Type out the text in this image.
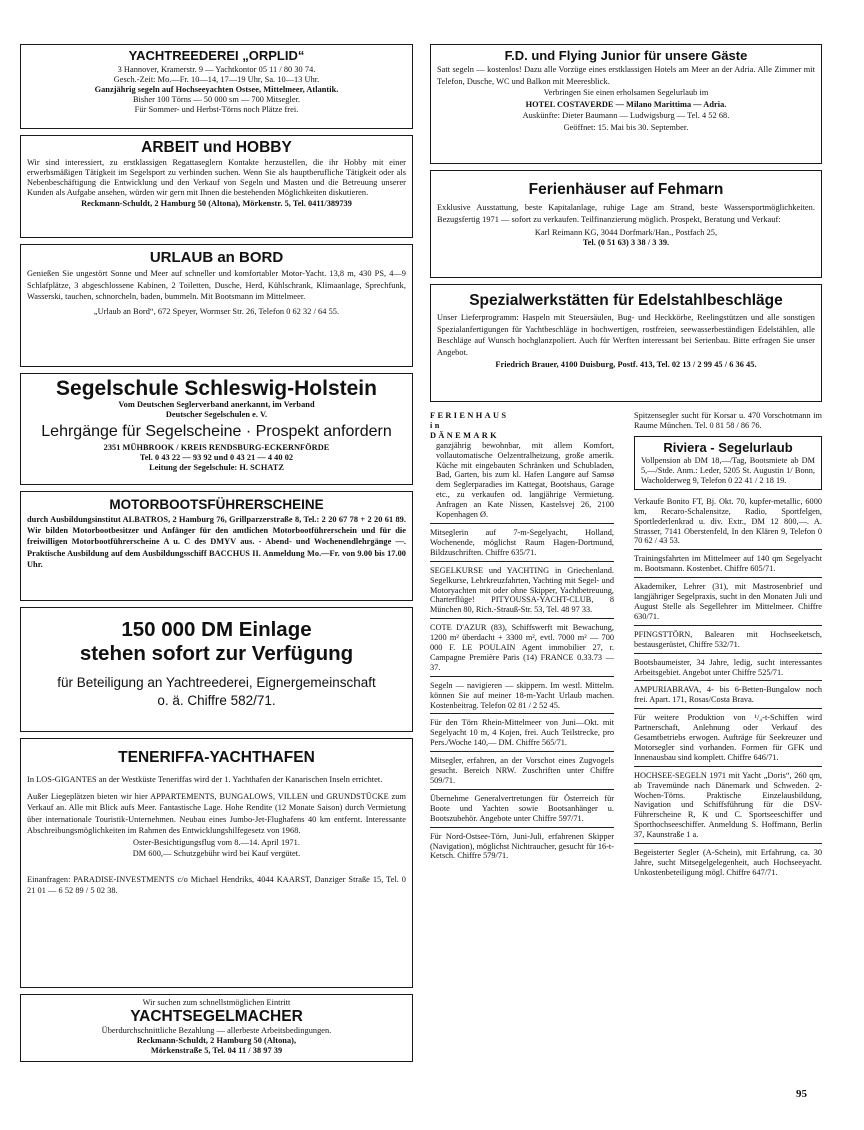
YACHTREEDEREI „ORPLID“

3 Hannover, Kramerstr. 9 — Yachtkontor 05 11 / 80 30 74.

Gesch.-Zeit: Mo.—Fr. 10—14, 17—19 Uhr, Sa. 10—13 Uhr.

Ganzjährig segeln auf Hochseeyachten Ostsee, Mittelmeer, Atlantik.

Bisher 100 Törns — 50 000 sm — 700 Mitsegler.

Für Sommer- und Herbst-Törns noch Plätze frei.

ARBEIT und HOBBY

Wir sind interessiert, zu erstklassigen Regattaseglern Kontakte herzustellen, die ihr Hobby mit einer erwerbsmäßigen Tätigkeit im Segelsport zu verbinden suchen. Wenn Sie als hauptberufliche Tätigkeit oder als Nebenbeschäftigung die Entwicklung und den Verkauf von Segeln und Masten und die Betreuung unserer Kunden als Aufgabe ansehen, würden wir gern mit Ihnen die bestehenden Möglichkeiten diskutieren.

Reckmann-Schuldt, 2 Hamburg 50 (Altona), Mörkenstr. 5, Tel. 0411/389739

URLAUB an BORD

Genießen Sie ungestört Sonne und Meer auf schneller und komfortabler Motor-Yacht. 13,8 m, 430 PS, 4—9 Schlafplätze, 3 abgeschlossene Kabinen, 2 Toiletten, Dusche, Herd, Kühlschrank, Klimaanlage, Sprechfunk, Wasserski, tauchen, schnorcheln, baden, bummeln. Mit Bootsmann im Mittelmeer.

„Urlaub an Bord“, 672 Speyer, Wormser Str. 26, Telefon 0 62 32 / 64 55.

Segelschule Schleswig-Holstein

Vom Deutschen Seglerverband anerkannt, im Verband

Deutscher Segelschulen e. V.

Lehrgänge für Segelscheine · Prospekt anfordern

2351 MÜHBROOK / KREIS RENDSBURG-ECKERNFÖRDE

Tel. 0 43 22 — 93 92 und 0 43 21 — 4 40 02

Leitung der Segelschule: H. SCHATZ

MOTORBOOTSFÜHRERSCHEINE

durch Ausbildungsinstitut ALBATROS, 2 Hamburg 76, Grillparzerstraße 8, Tel.: 2 20 67 78 + 2 20 61 89. Wir bilden Motorbootbesitzer und Anfänger für den amtlichen Motorbootführerschein und für die freiwilligen Motorbootführerscheine A u. C des DMYV aus. - Abend- und Wochenendlehrgänge —. Praktische Ausbildung auf dem Ausbildungsschiff BACCHUS II. Anmeldung Mo.—Fr. von 9.00 bis 17.00 Uhr.

150 000 DM Einlage
stehen sofort zur Verfügung
für Beteiligung an Yachtreederei, Eignergemeinschaft
o. ä. Chiffre 582/71.
TENERIFFA-YACHTHAFEN

In LOS-GIGANTES an der Westküste Teneriffas wird der 1. Yachthafen der Kanarischen Inseln errichtet.

Außer Liegeplätzen bieten wir hier APPARTEMENTS, BUNGALOWS, VILLEN und GRUNDSTÜCKE zum Verkauf an. Alle mit Blick aufs Meer. Fantastische Lage. Hohe Rendite (12 Monate Saison) durch Vermietung über internationale Touristik-Unternehmen. Neubau eines Jumbo-Jet-Flughafens 40 km entfernt. Interessante Abschreibungsmöglichkeiten im Rahmen des Entwicklungshilfegesetz von 1968.

Oster-Besichtigungsflug vom 8.—14. April 1971.

DM 600,— Schutzgebühr wird bei Kauf vergütet.

Einanfragen: PARADISE-INVESTMENTS c/o Michael Hendriks, 4044 KAARST, Danziger Straße 15, Tel. 0 21 01 — 6 52 89 / 5 02 38.

Wir suchen zum schnellstmöglichen Eintritt

YACHTSEGELMACHER

Überdurchschnittliche Bezahlung — allerbeste Arbeitsbedingungen.

Reckmann-Schuldt, 2 Hamburg 50 (Altona),

Mörkenstraße 5, Tel. 04 11 / 38 97 39

F.D. und Flying Junior für unsere Gäste

Satt segeln — kostenlos! Dazu alle Vorzüge eines erstklassigen Hotels am Meer an der Adria. Alle Zimmer mit Telefon, Dusche, WC und Balkon mit Meeresblick.

Verbringen Sie einen erholsamen Segelurlaub im

HOTEL COSTAVERDE — Milano Marittima — Adria.

Auskünfte: Dieter Baumann — Ludwigsburg — Tel. 4 52 68.

Geöffnet: 15. Mai bis 30. September.

Ferienhäuser auf Fehmarn

Exklusive Ausstattung, beste Kapitalanlage, ruhige Lage am Strand, beste Wassersportmöglichkeiten. Bezugsfertig 1971 — sofort zu verkaufen. Teilfinanzierung möglich. Prospekt, Beratung und Verkauf:

Karl Reimann KG, 3044 Dorfmark/Han., Postfach 25,

Tel. (0 51 63) 3 38 / 3 39.

Spezialwerkstätten für Edelstahlbeschläge

Unser Lieferprogramm: Haspeln mit Steuersäulen, Bug- und Heckkörbe, Reelingstützen und alle sonstigen Spezialanfertigungen für Yachtbeschläge in hochwertigen, rostfreien, seewasserbeständigen Edelstählen, alle Beschläge auf Wunsch hochglanzpoliert. Auch für Werften interessant bei Serienbau. Bitte erfragen Sie unser Angebot.

Friedrich Brauer, 4100 Duisburg, Postf. 413, Tel. 02 13 / 2 99 45 / 6 36 45.

FERIENHAUS

in

DÄNEMARK

ganzjährig bewohnbar, mit allem Komfort, vollautomatische Oelzentralheizung, große amerik. Küche mit eingebauten Schränken und Schubladen, Bad, Garten, bis zum kl. Hafen Langøre auf Samsø dem Seglerparadies im Kattegat, Bootshaus, Garage etc., zu verkaufen od. langjährige Vermietung. Anfragen an Kate Nissen, Kastelsvej 26, 2100 Kopenhagen Ø.

Mitseglerin auf 7-m-Segelyacht, Holland, Wochenende, möglichst Raum Hagen-Dortmund, Bildzuschriften. Chiffre 635/71.

SEGELKURSE und YACHTING in Griechenland. Segelkurse, Lehrkreuzfahrten, Yachting mit Segel- und Motoryachten mit oder ohne Skipper, Yachtbetreuung, Charterflüge! PITYOUSSA-YACHT-CLUB, 8 München 80, Rich.-Strauß-Str. 53, Tel. 48 97 33.

COTE D'AZUR (83), Schiffswerft mit Bewachung, 1200 m² überdacht + 3300 m², evtl. 7000 m² — 700 000 F. LE POULAIN Agent immobilier 27, r. Campagne Première Paris (14) FRANCE 0.33.73 — 37.

Segeln — navigieren — skippern. Im westl. Mittelm. können Sie auf meiner 18-m-Yacht Urlaub machen. Kostenbeitrag. Telefon 02 81 / 2 52 45.

Für den Törn Rhein-Mittelmeer von Juni—Okt. mit Segelyacht 10 m, 4 Kojen, frei. Auch Teilstrecke, pro Pers./Woche 140,— DM. Chiffre 565/71.

Mitsegler, erfahren, an der Vorschot eines Zugvogels gesucht. Bereich NRW. Zuschriften unter Chiffre 509/71.

Übernehme Generalvertretungen für Österreich für Boote und Yachten sowie Bootsanhänger u. Bootszubehör. Angebote unter Chiffre 597/71.

Für Nord-Ostsee-Törn, Juni-Juli, erfahrenen Skipper (Navigation), möglichst Nichtraucher, gesucht für 16-t-Ketsch. Chiffre 579/71.

Spitzensegler sucht für Korsar u. 470 Vorschotmann im Raume München. Tel. 0 81 58 / 86 76.

Riviera - Segelurlaub

Vollpension ab DM 18,—/Tag, Bootsmiete ab DM 5,—/Stde. Anm.: Leder, 5205 St. Augustin 1/ Bonn, Wacholderweg 9, Telefon 0 22 41 / 2 18 19.

Verkaufe Bonito FT, Bj. Okt. 70, kupfer-metallic, 6000 km, Recaro-Schalensitze, Radio, Sportfelgen, Sportlederlenkrad u. div. Extr., DM 12 800,—. A. Strasser, 7141 Oberstenfeld, In den Klären 9, Telefon 0 70 62 / 43 53.

Trainingsfahrten im Mittelmeer auf 140 qm Segelyacht m. Bootsmann. Kostenbet. Chiffre 605/71.

Akademiker, Lehrer (31), mit Mastrosenbrief und langjähriger Segelpraxis, sucht in den Monaten Juli und August Stelle als Segellehrer im Mittelmeer. Chiffre 630/71.

PFINGSTTÖRN, Balearen mit Hochseeketsch, bestausgerüstet, Chiffre 532/71.

Bootsbaumeister, 34 Jahre, ledig, sucht interessantes Arbeitsgebiet. Angebot unter Chiffre 525/71.

AMPURIABRAVA, 4- bis 6-Betten-Bungalow noch frei. Apart. 171, Rosas/Costa Brava.

Für weitere Produktion von ¹/₄-t-Schiffen wird Partnerschaft, Anlehnung oder Verkauf des Gesamtbetriebs erwogen. Aufträge für Seekreuzer und Motorsegler sind vorhanden. Formen für GFK und Innenausbau sind komplett. Chiffre 646/71.

HOCHSEE-SEGELN 1971 mit Yacht „Doris“, 260 qm, ab Travemünde nach Dänemark und Schweden. 2-Wochen-Törns. Praktische Einzelausbildung, Navigation und Schiffsführung für die DSV-Führerscheine R, K und C. Sportseeschiffer und Sporthochseeschiffer. Anmeldung S. Hoffmann, Berlin 37, Kaunstraße 1 a.

Begeisterter Segler (A-Schein), mit Erfahrung, ca. 30 Jahre, sucht Mitsegelgelegenheit, auch Hochseeyacht. Unkostenbeteiligung mögl. Chiffre 647/71.

95
